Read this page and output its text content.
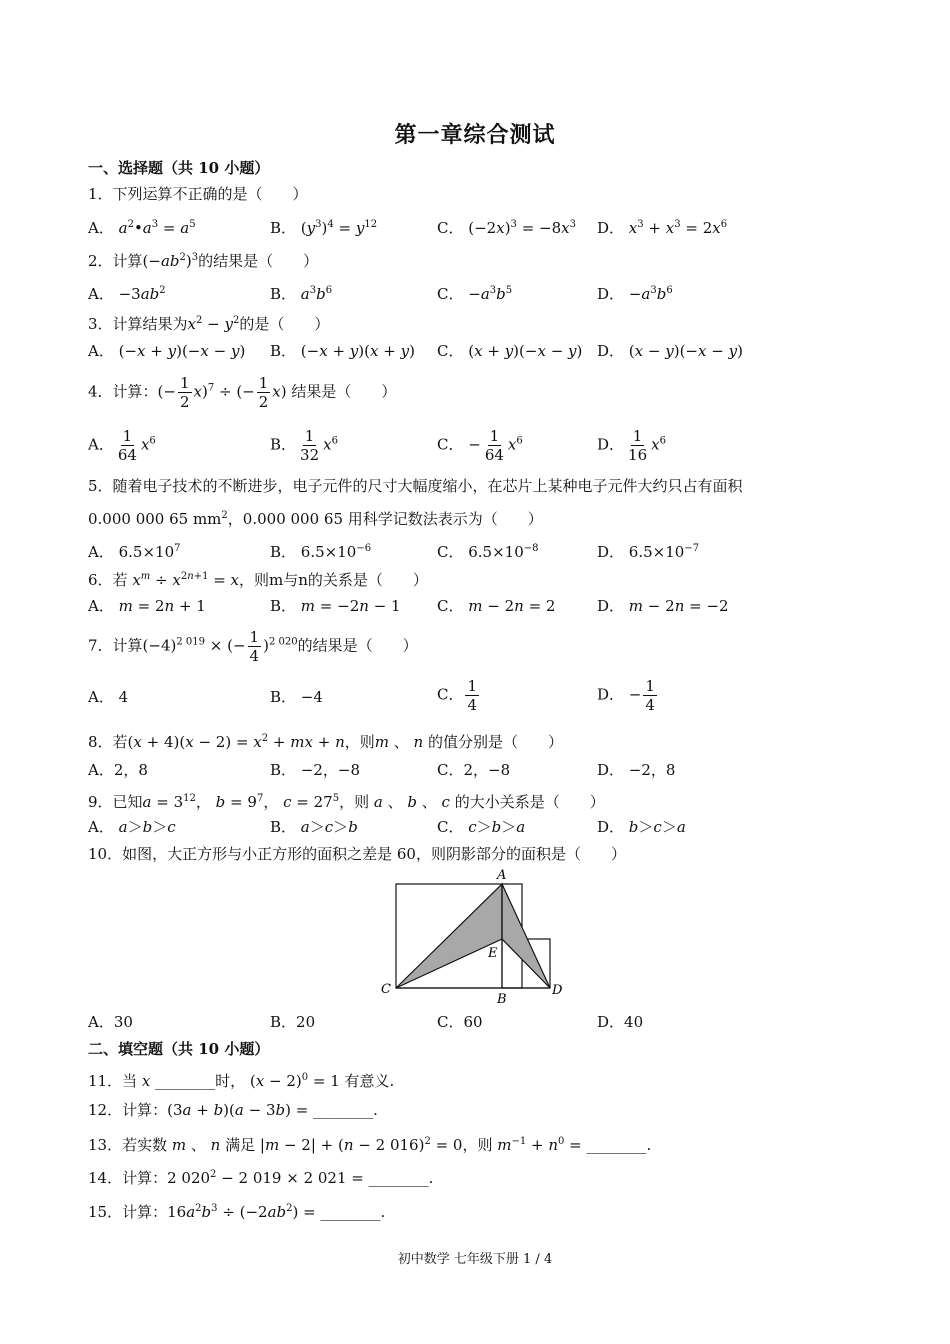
第一章综合测试
一、选择题（共 10 小题）
1．下列运算不正确的是（　　）
A． $a^2•a^3 = a^5$	B． $(y^3)^4 = y^{12}$	C． $(-2x)^3 = -8x^3$ D． $x^3 + x^3 = 2x^6$
2．计算$(-ab^2)^3$的结果是（　　）
A． $-3ab^2$	B． $a^3b^6$	C． $-a^3b^5$	D． $-a^3b^6$
3．计算结果为$x^2 - y^2$的是（　　）
A． (−x + y)(−x − y) B． (−x + y)(x + y) C． (x + y)(−x − y) D． (x − y)(−x − y)
4．计算：(− $\frac{1}{2} x)^7$ ÷ (− $\frac{1}{2} x$) 结果是（　　）
A． $\frac{1}{64} x^6$	B． $\frac{1}{32} x^6$	C． − $\frac{1}{64} x^6$	D． $\frac{1}{16} x^6$
5．随着电子技术的不断进步，电子元件的尺寸大幅度缩小，在芯片上某种电子元件大约只占有面积
0.000 000 65 $mm^2$，0.000 000 65 用科学记数法表示为（　　）
A． $6.5\times 10^7$	B． $6.5\times 10^{-6}$	C． $6.5\times 10^{-8}$	D． $6.5\times 10^{-7}$
6．若 $x^m \div x^{2n+1} = x$，则m与n的关系是（　　）
A． m = 2n + 1	B． m = −2n − 1 C． m − 2n = 2	D． m − 2n = −2
7．计算$(-4)^{2 019}$ × (− $\frac{1}{4} )^{2 020}$的结果是（　　）
A． 4	B． −4	C． $\frac{1}{4}$	D． − $\frac{1}{4}$
8．若$(x + 4)(x - 2) = x^2$ + mx + n，则m 、 n 的值分别是（　　）
A．2，8	B． −2，−8	C．2，−8	D． −2，8
9．已知$a = 3^{12}$， $b = 9^7$， $c = 27^5$，则 a 、 b 、 c 的大小关系是（　　）
A． a＞b＞c	B． a＞c＞b	C． c＞b＞a	D． b＞c＞a
10．如图，大正方形与小正方形的面积之差是 60，则阴影部分的面积是（　　）
A
B
C	D
E
A．30	B．20	C．60	D．40
二、填空题（共 10 小题）
11．当 x ________时， $(x - 2)^0 = 1$ 有意义.
12．计算：(3a + b)(a − 3b) = ________.
13．若实数 m 、 n 满足 |m − 2| + (n − 2 016)$^2$ = 0，则 $m^{-1} + n^0$ = ________.
14．计算：2 $020^2 - 2$ 019 × 2 021 = ________.
15．计算：$16a^2b^3 \div (-2ab^2)$ = ________.
初中数学 七年级下册 1 / 4
